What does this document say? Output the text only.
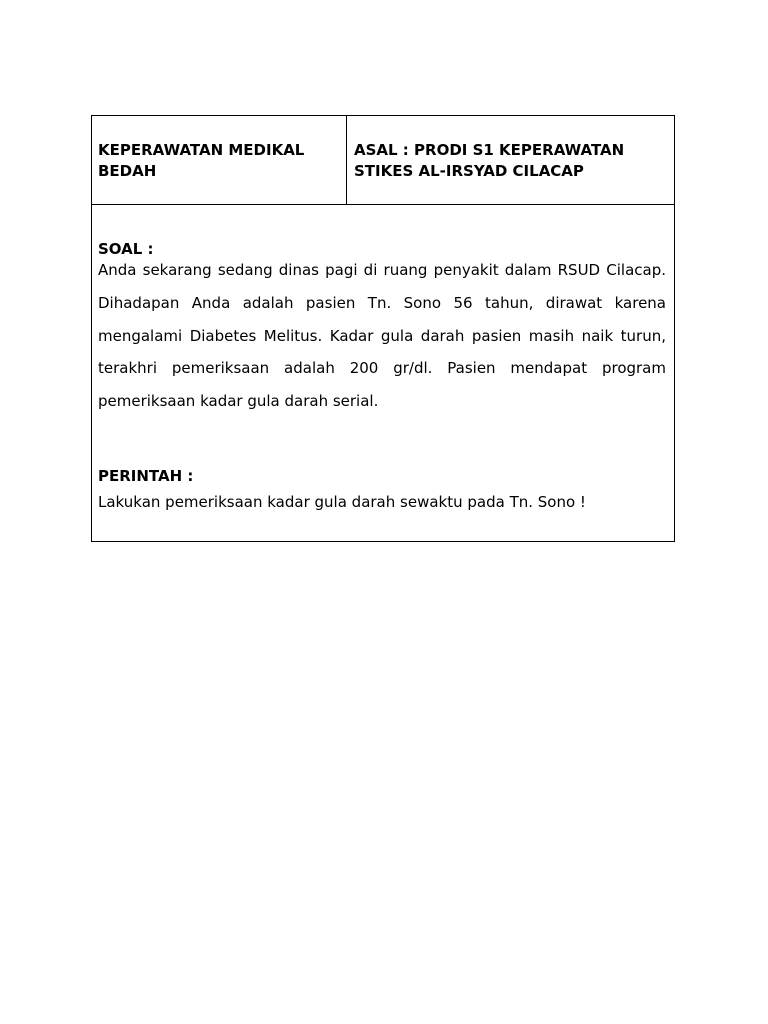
KEPERAWATAN MEDIKAL BEDAH
ASAL : PRODI S1 KEPERAWATAN STIKES AL-IRSYAD CILACAP
SOAL :
Anda sekarang sedang dinas pagi di ruang penyakit dalam RSUD Cilacap. Dihadapan Anda adalah pasien Tn. Sono 56 tahun, dirawat karena mengalami Diabetes Melitus. Kadar gula darah pasien masih naik turun, terakhri pemeriksaan adalah 200 gr/dl. Pasien mendapat program pemeriksaan kadar gula darah serial.
PERINTAH :
Lakukan pemeriksaan kadar gula darah sewaktu pada Tn. Sono !
